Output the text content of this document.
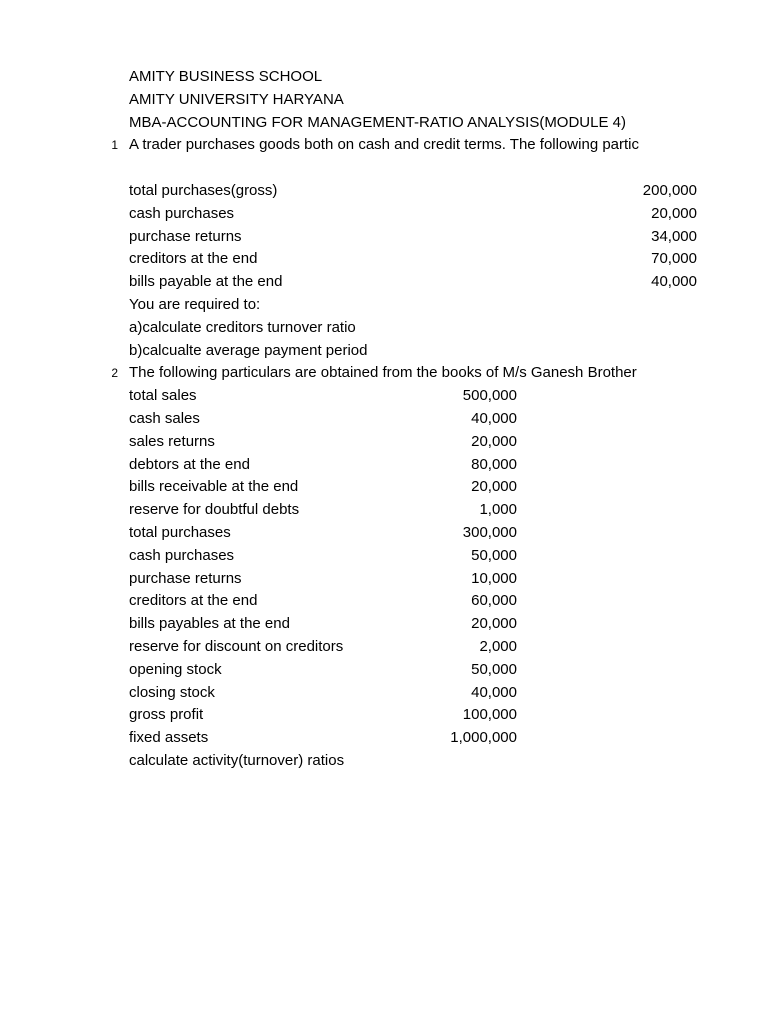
AMITY BUSINESS SCHOOL
AMITY UNIVERSITY HARYANA
MBA-ACCOUNTING FOR MANAGEMENT-RATIO ANALYSIS(MODULE 4)
1 A trader purchases goods both on cash and credit terms. The following partic
total purchases(gross)	200,000
cash purchases	20,000
purchase returns	34,000
creditors at the end	70,000
bills payable at the end	40,000
You are required to:
a)calculate creditors turnover ratio
b)calcualte average payment period
2 The following particulars are obtained from the books of M/s Ganesh Brother
total sales	500,000
cash sales	40,000
sales returns	20,000
debtors at the end	80,000
bills receivable at the end	20,000
reserve for doubtful debts	1,000
total purchases	300,000
cash purchases	50,000
purchase returns	10,000
creditors at the end	60,000
bills payables at the end	20,000
reserve for discount on creditors	2,000
opening stock	50,000
closing stock	40,000
gross profit	100,000
fixed assets	1,000,000
calculate activity(turnover) ratios
